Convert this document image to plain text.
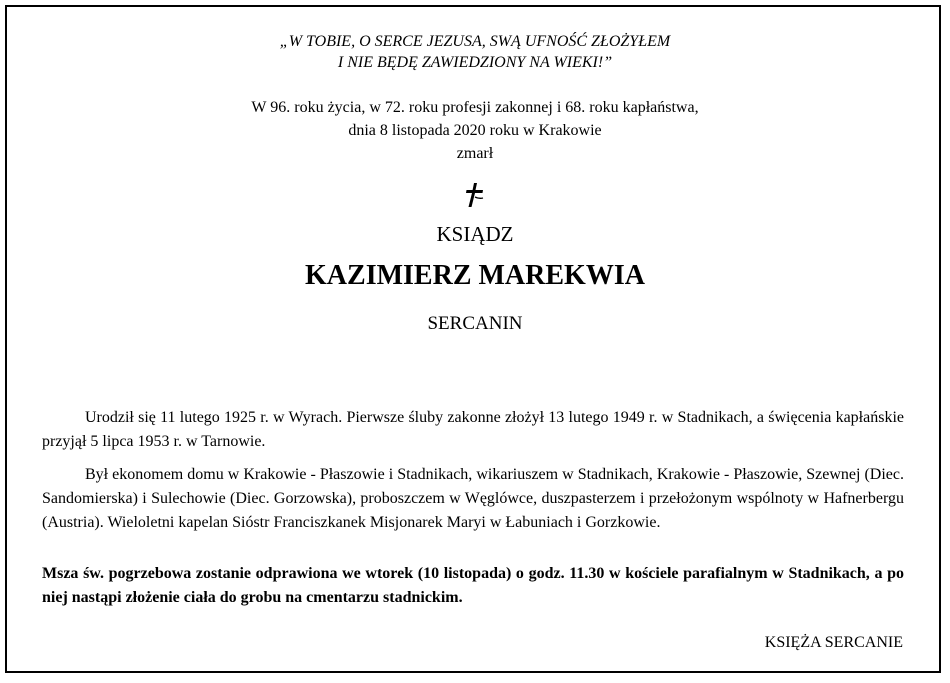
„W TOBIE, O SERCE JEZUSA, SWĄ UFNOŚĆ ZŁOŻYŁEM
I NIE BĘDĘ ZAWIEDZIONY NA WIEKI!”
W 96. roku życia, w 72. roku profesji zakonnej i 68. roku kapłaństwa,
dnia 8 listopada 2020 roku w Krakowie
zmarł
KSIĄDZ
KAZIMIERZ MAREKWIA
SERCANIN

Urodził się 11 lutego 1925 r. w Wyrach. Pierwsze śluby zakonne złożył 13 lutego 1949 r. w Stadnikach, a święcenia kapłańskie przyjął 5 lipca 1953 r. w Tarnowie.

Był ekonomem domu w Krakowie - Płaszowie i Stadnikach, wikariuszem w Stadnikach, Krakowie - Płaszowie, Szewnej (Diec. Sandomierska) i Sulechowie (Diec. Gorzowska), proboszczem w Węglówce, duszpasterzem i przełożonym wspólnoty w Hafnerbergu (Austria). Wieloletni kapelan Sióstr Franciszkanek Misjonarek Maryi w Łabuniach i Gorzkowie.

Msza św. pogrzebowa zostanie odprawiona we wtorek (10 listopada) o godz. 11.30 w kościele parafialnym w Stadnikach, a po niej nastąpi złożenie ciała do grobu na cmentarzu stadnickim.

KSIĘŻA SERCANIE
